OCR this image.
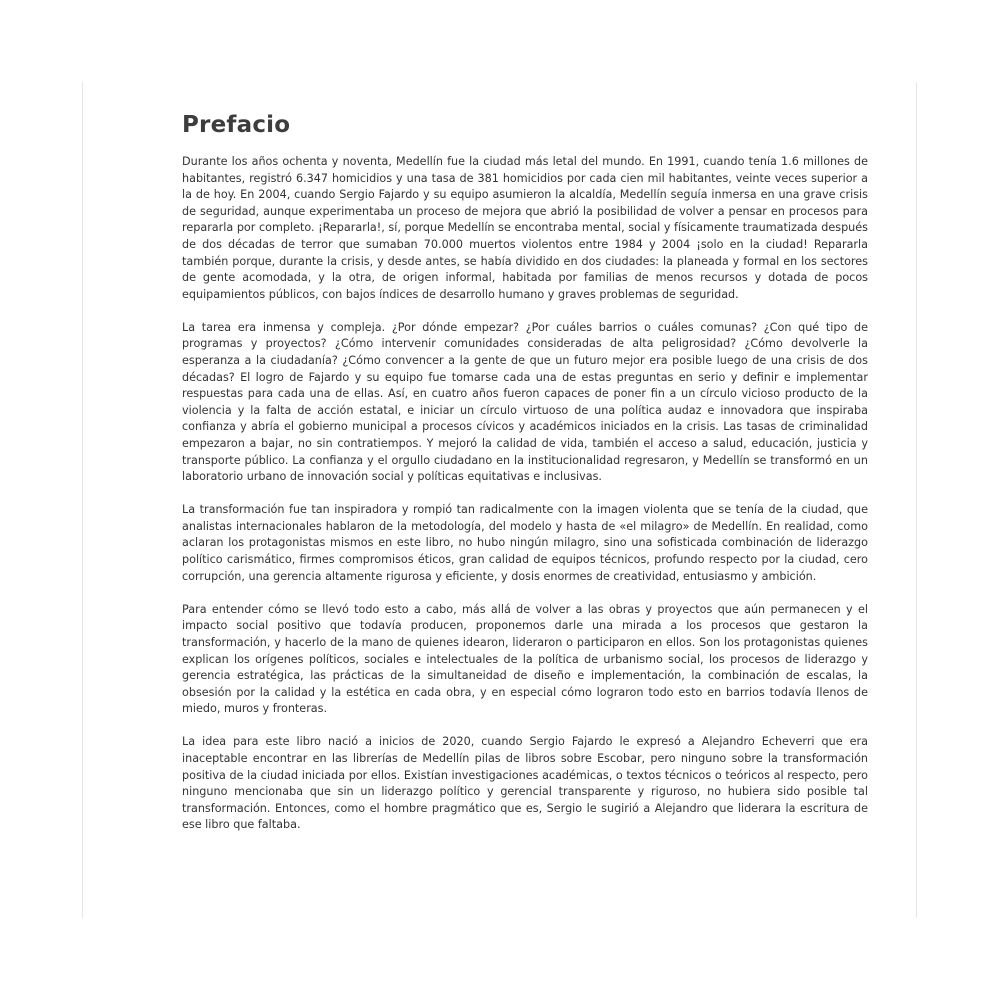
Prefacio

Durante los años ochenta y noventa, Medellín fue la ciudad más letal del mundo. En 1991, cuando tenía 1.6 millones de habitantes, registró 6.347 homicidios y una tasa de 381 homicidios por cada cien mil habitantes, veinte veces superior a la de hoy. En 2004, cuando Sergio Fajardo y su equipo asumieron la alcaldía, Medellín seguía inmersa en una grave crisis de seguridad, aunque experimentaba un proceso de mejora que abrió la posibilidad de volver a pensar en procesos para repararla por completo. ¡Repararla!, sí, porque Medellín se encontraba mental, social y físicamente traumatizada después de dos décadas de terror que sumaban 70.000 muertos violentos entre 1984 y 2004 ¡solo en la ciudad! Repararla también porque, durante la crisis, y desde antes, se había dividido en dos ciudades: la planeada y formal en los sectores de gente acomodada, y la otra, de origen informal, habitada por familias de menos recursos y dotada de pocos equipamientos públicos, con bajos índices de desarrollo humano y graves problemas de seguridad.

La tarea era inmensa y compleja. ¿Por dónde empezar? ¿Por cuáles barrios o cuáles comunas? ¿Con qué tipo de programas y proyectos? ¿Cómo intervenir comunidades consideradas de alta peligrosidad? ¿Cómo devolverle la esperanza a la ciudadanía? ¿Cómo convencer a la gente de que un futuro mejor era posible luego de una crisis de dos décadas? El logro de Fajardo y su equipo fue tomarse cada una de estas preguntas en serio y definir e implementar respuestas para cada una de ellas. Así, en cuatro años fueron capaces de poner fin a un círculo vicioso producto de la violencia y la falta de acción estatal, e iniciar un círculo virtuoso de una política audaz e innovadora que inspiraba confianza y abría el gobierno municipal a procesos cívicos y académicos iniciados en la crisis. Las tasas de criminalidad empezaron a bajar, no sin contratiempos. Y mejoró la calidad de vida, también el acceso a salud, educación, justicia y transporte público. La confianza y el orgullo ciudadano en la institucionalidad regresaron, y Medellín se transformó en un laboratorio urbano de innovación social y políticas equitativas e inclusivas.

La transformación fue tan inspiradora y rompió tan radicalmente con la imagen violenta que se tenía de la ciudad, que analistas internacionales hablaron de la metodología, del modelo y hasta de «el milagro» de Medellín. En realidad, como aclaran los protagonistas mismos en este libro, no hubo ningún milagro, sino una sofisticada combinación de liderazgo político carismático, firmes compromisos éticos, gran calidad de equipos técnicos, profundo respecto por la ciudad, cero corrupción, una gerencia altamente rigurosa y eficiente, y dosis enormes de creatividad, entusiasmo y ambición.

Para entender cómo se llevó todo esto a cabo, más allá de volver a las obras y proyectos que aún permanecen y el impacto social positivo que todavía producen, proponemos darle una mirada a los procesos que gestaron la transformación, y hacerlo de la mano de quienes idearon, lideraron o participaron en ellos. Son los protagonistas quienes explican los orígenes políticos, sociales e intelectuales de la política de urbanismo social, los procesos de liderazgo y gerencia estratégica, las prácticas de la simultaneidad de diseño e implementación, la combinación de escalas, la obsesión por la calidad y la estética en cada obra, y en especial cómo lograron todo esto en barrios todavía llenos de miedo, muros y fronteras.

La idea para este libro nació a inicios de 2020, cuando Sergio Fajardo le expresó a Alejandro Echeverri que era inaceptable encontrar en las librerías de Medellín pilas de libros sobre Escobar, pero ninguno sobre la transformación positiva de la ciudad iniciada por ellos. Existían investigaciones académicas, o textos técnicos o teóricos al respecto, pero ninguno mencionaba que sin un liderazgo político y gerencial transparente y riguroso, no hubiera sido posible tal transformación. Entonces, como el hombre pragmático que es, Sergio le sugirió a Alejandro que liderara la escritura de ese libro que faltaba.
